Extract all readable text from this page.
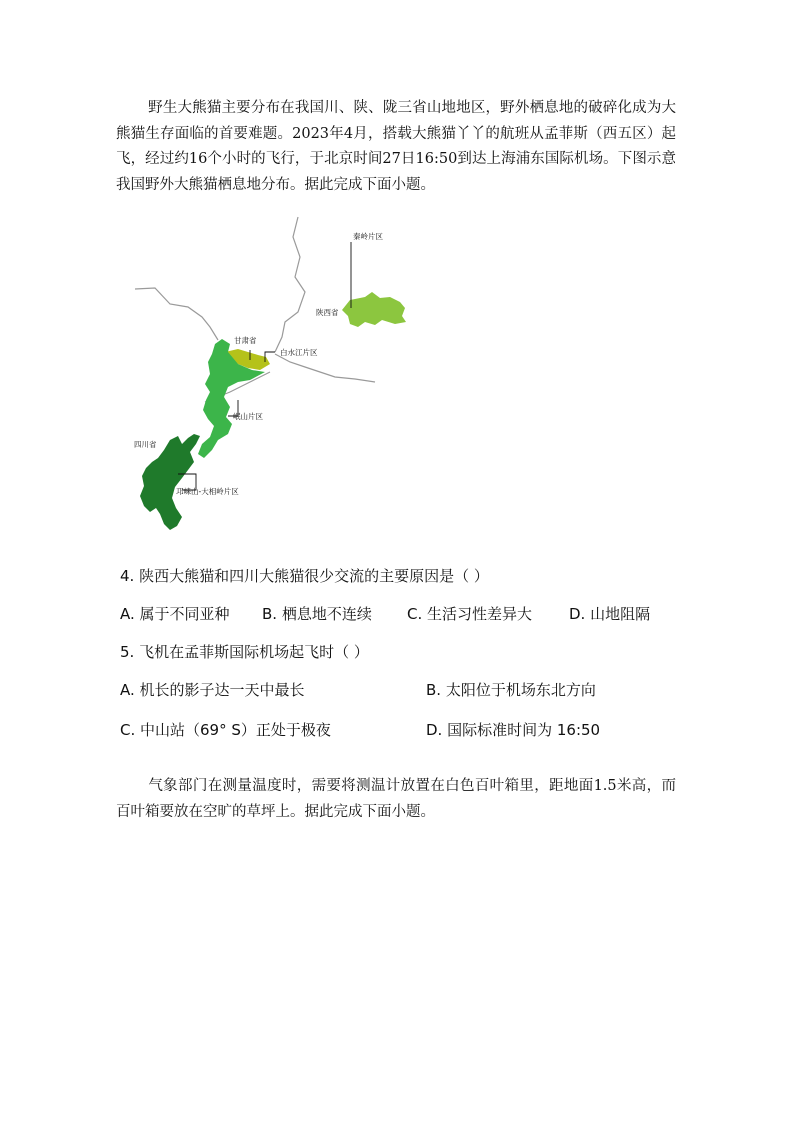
野生大熊猫主要分布在我国川、陕、陇三省山地地区，野外栖息地的破碎化成为大熊猫生存面临的首要难题。2023年4月，搭载大熊猫丫丫的航班从孟菲斯（西五区）起飞，经过约16个小时的飞行，于北京时间27日16:50到达上海浦东国际机场。下图示意我国野外大熊猫栖息地分布。据此完成下面小题。

秦岭片区
陕西省
甘肃省
白水江片区
岷山片区
四川省
邛崃山-大相岭片区

4. 陕西大熊猫和四川大熊猫很少交流的主要原因是（ ）

A. 属于不同亚种 B. 栖息地不连续 C. 生活习性差异大 D. 山地阻隔

5. 飞机在孟菲斯国际机场起飞时（ ）

A. 机长的影子达一天中最长	B. 太阳位于机场东北方向
C. 中山站（69° S）正处于极夜	D. 国际标准时间为 16:50

气象部门在测量温度时，需要将测温计放置在白色百叶箱里，距地面1.5米高，而百叶箱要放在空旷的草坪上。据此完成下面小题。
